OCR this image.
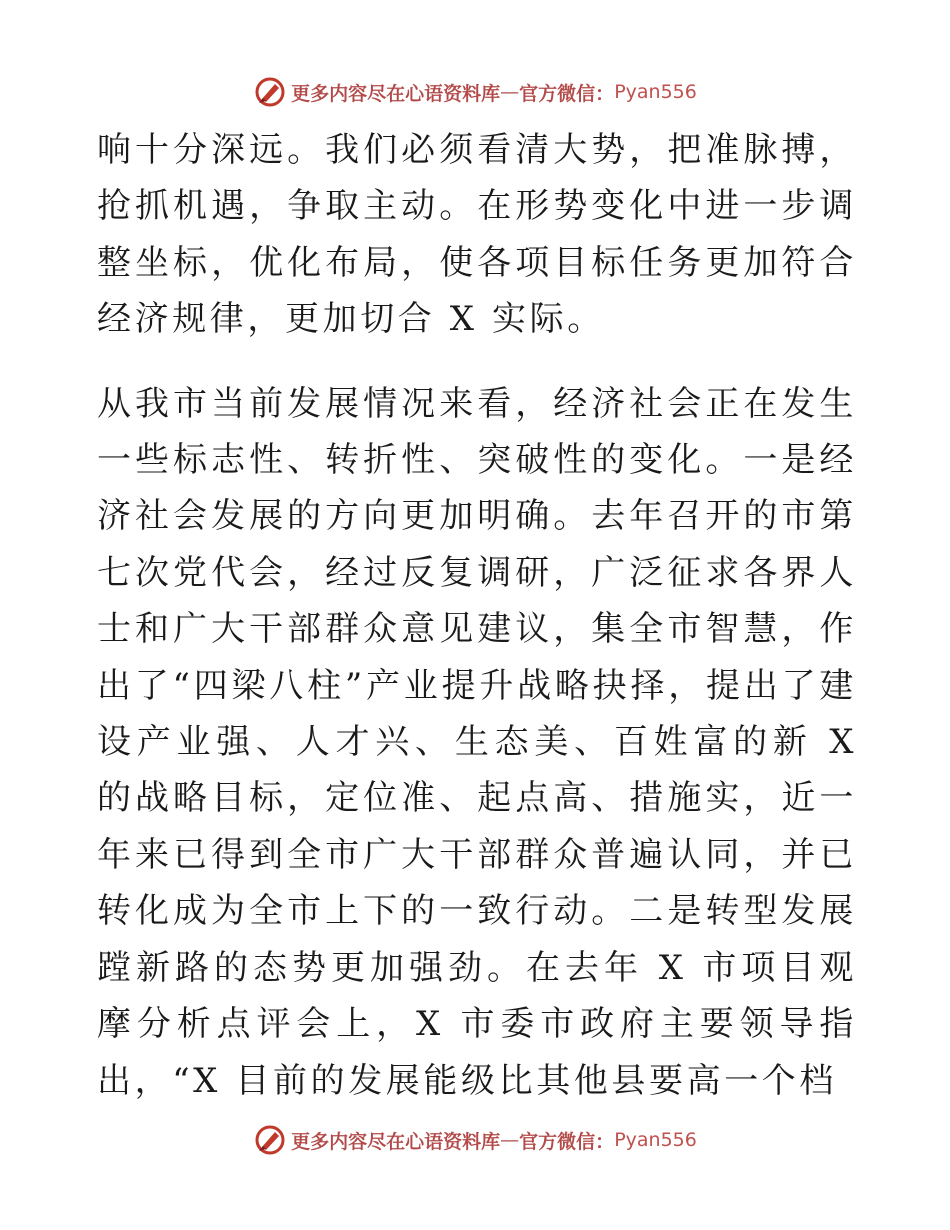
更多内容尽在心语资料库 — 官方微信： Pyan556

响十分深远。我们必须看清大势，把准脉搏，抢抓机遇，争取主动。在形势变化中进一步调整坐标，优化布局，使各项目标任务更加符合经济规律，更加切合 X 实际。

从我市当前发展情况来看，经济社会正在发生一些标志性、转折性、突破性的变化。一是经济社会发展的方向更加明确。去年召开的市第七次党代会，经过反复调研，广泛征求各界人士和广大干部群众意见建议，集全市智慧，作出了“四梁八柱”产业提升战略抉择，提出了建设产业强、人才兴、生态美、百姓富的新 X 的战略目标，定位准、起点高、措施实，近一年来已得到全市广大干部群众普遍认同，并已转化成为全市上下的一致行动。二是转型发展蹚新路的态势更加强劲。在去年 X 市项目观摩分析点评会上，X 市委市政府主要领导指出，“X 目前的发展能级比其他县要高一个档

更多内容尽在心语资料库 — 官方微信： Pyan556
